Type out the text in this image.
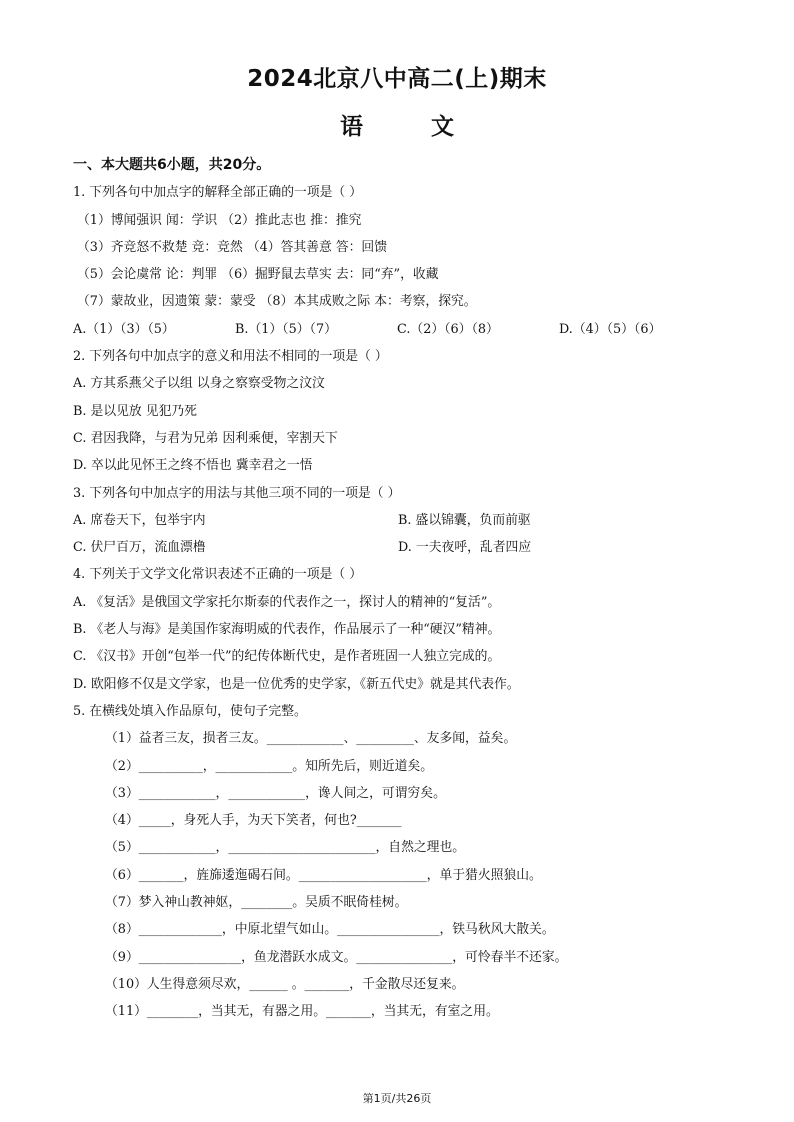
2024北京八中高二(上)期末
语 文
一、本大题共6小题，共20分。
1. 下列各句中加点字的解释全部正确的一项是（ ）
（1）博闻强识 闻：学识 （2）推此志也 推：推究
（3）齐竞怒不救楚 竞：竞然 （4）答其善意 答：回馈
（5）会论虞常 论：判罪 （6）掘野鼠去草实 去：同“弃”，收藏
（7）蒙故业，因遗策 蒙：蒙受 （8）本其成败之际 本：考察，探究。
A.（1）（3）（5）	B.（1）（5）（7）	C.（2）（6）（8）	D.（4）（5）（6）
2. 下列各句中加点字的意义和用法不相同的一项是（ ）
A. 方其系燕父子以组 以身之察察受物之汶汶
B. 是以见放 见犯乃死
C. 君因我降，与君为兄弟 因利乘便，宰割天下
D. 卒以此见怀王之终不悟也 冀幸君之一悟
3. 下列各句中加点字的用法与其他三项不同的一项是（ ）
A. 席卷天下，包举宇内	B. 盛以锦囊，负而前驱
C. 伏尸百万，流血漂橹	D. 一夫夜呼，乱者四应
4. 下列关于文学文化常识表述不正确的一项是（ ）
A. 《复活》是俄国文学家托尔斯泰的代表作之一，探讨人的精神的“复活”。
B. 《老人与海》是美国作家海明威的代表作，作品展示了一种“硬汉”精神。
C. 《汉书》开创“包举一代”的纪传体断代史，是作者班固一人独立完成的。
D. 欧阳修不仅是文学家，也是一位优秀的史学家，《新五代史》就是其代表作。
5. 在横线处填入作品原句，使句子完整。
（1）益者三友，损者三友。____________、_________、友多闻，益矣。
（2）__________，____________。知所先后，则近道矣。
（3）____________，____________，谗人间之，可谓穷矣。
（4）_____，身死人手，为天下笑者，何也?_______
（5）____________，_______________________，自然之理也。
（6）_______，旌旆逶迤碣石间。____________________，单于猎火照狼山。
（7）梦入神山教神妪，________。吴质不眠倚桂树。
（8）_____________，中原北望气如山。________________，铁马秋风大散关。
（9）________________，鱼龙潜跃水成文。_______________，可怜春半不还家。
（10）人生得意须尽欢，______ 。_______，千金散尽还复来。
（11）________，当其无，有器之用。_______，当其无，有室之用。
第1页/共26页
